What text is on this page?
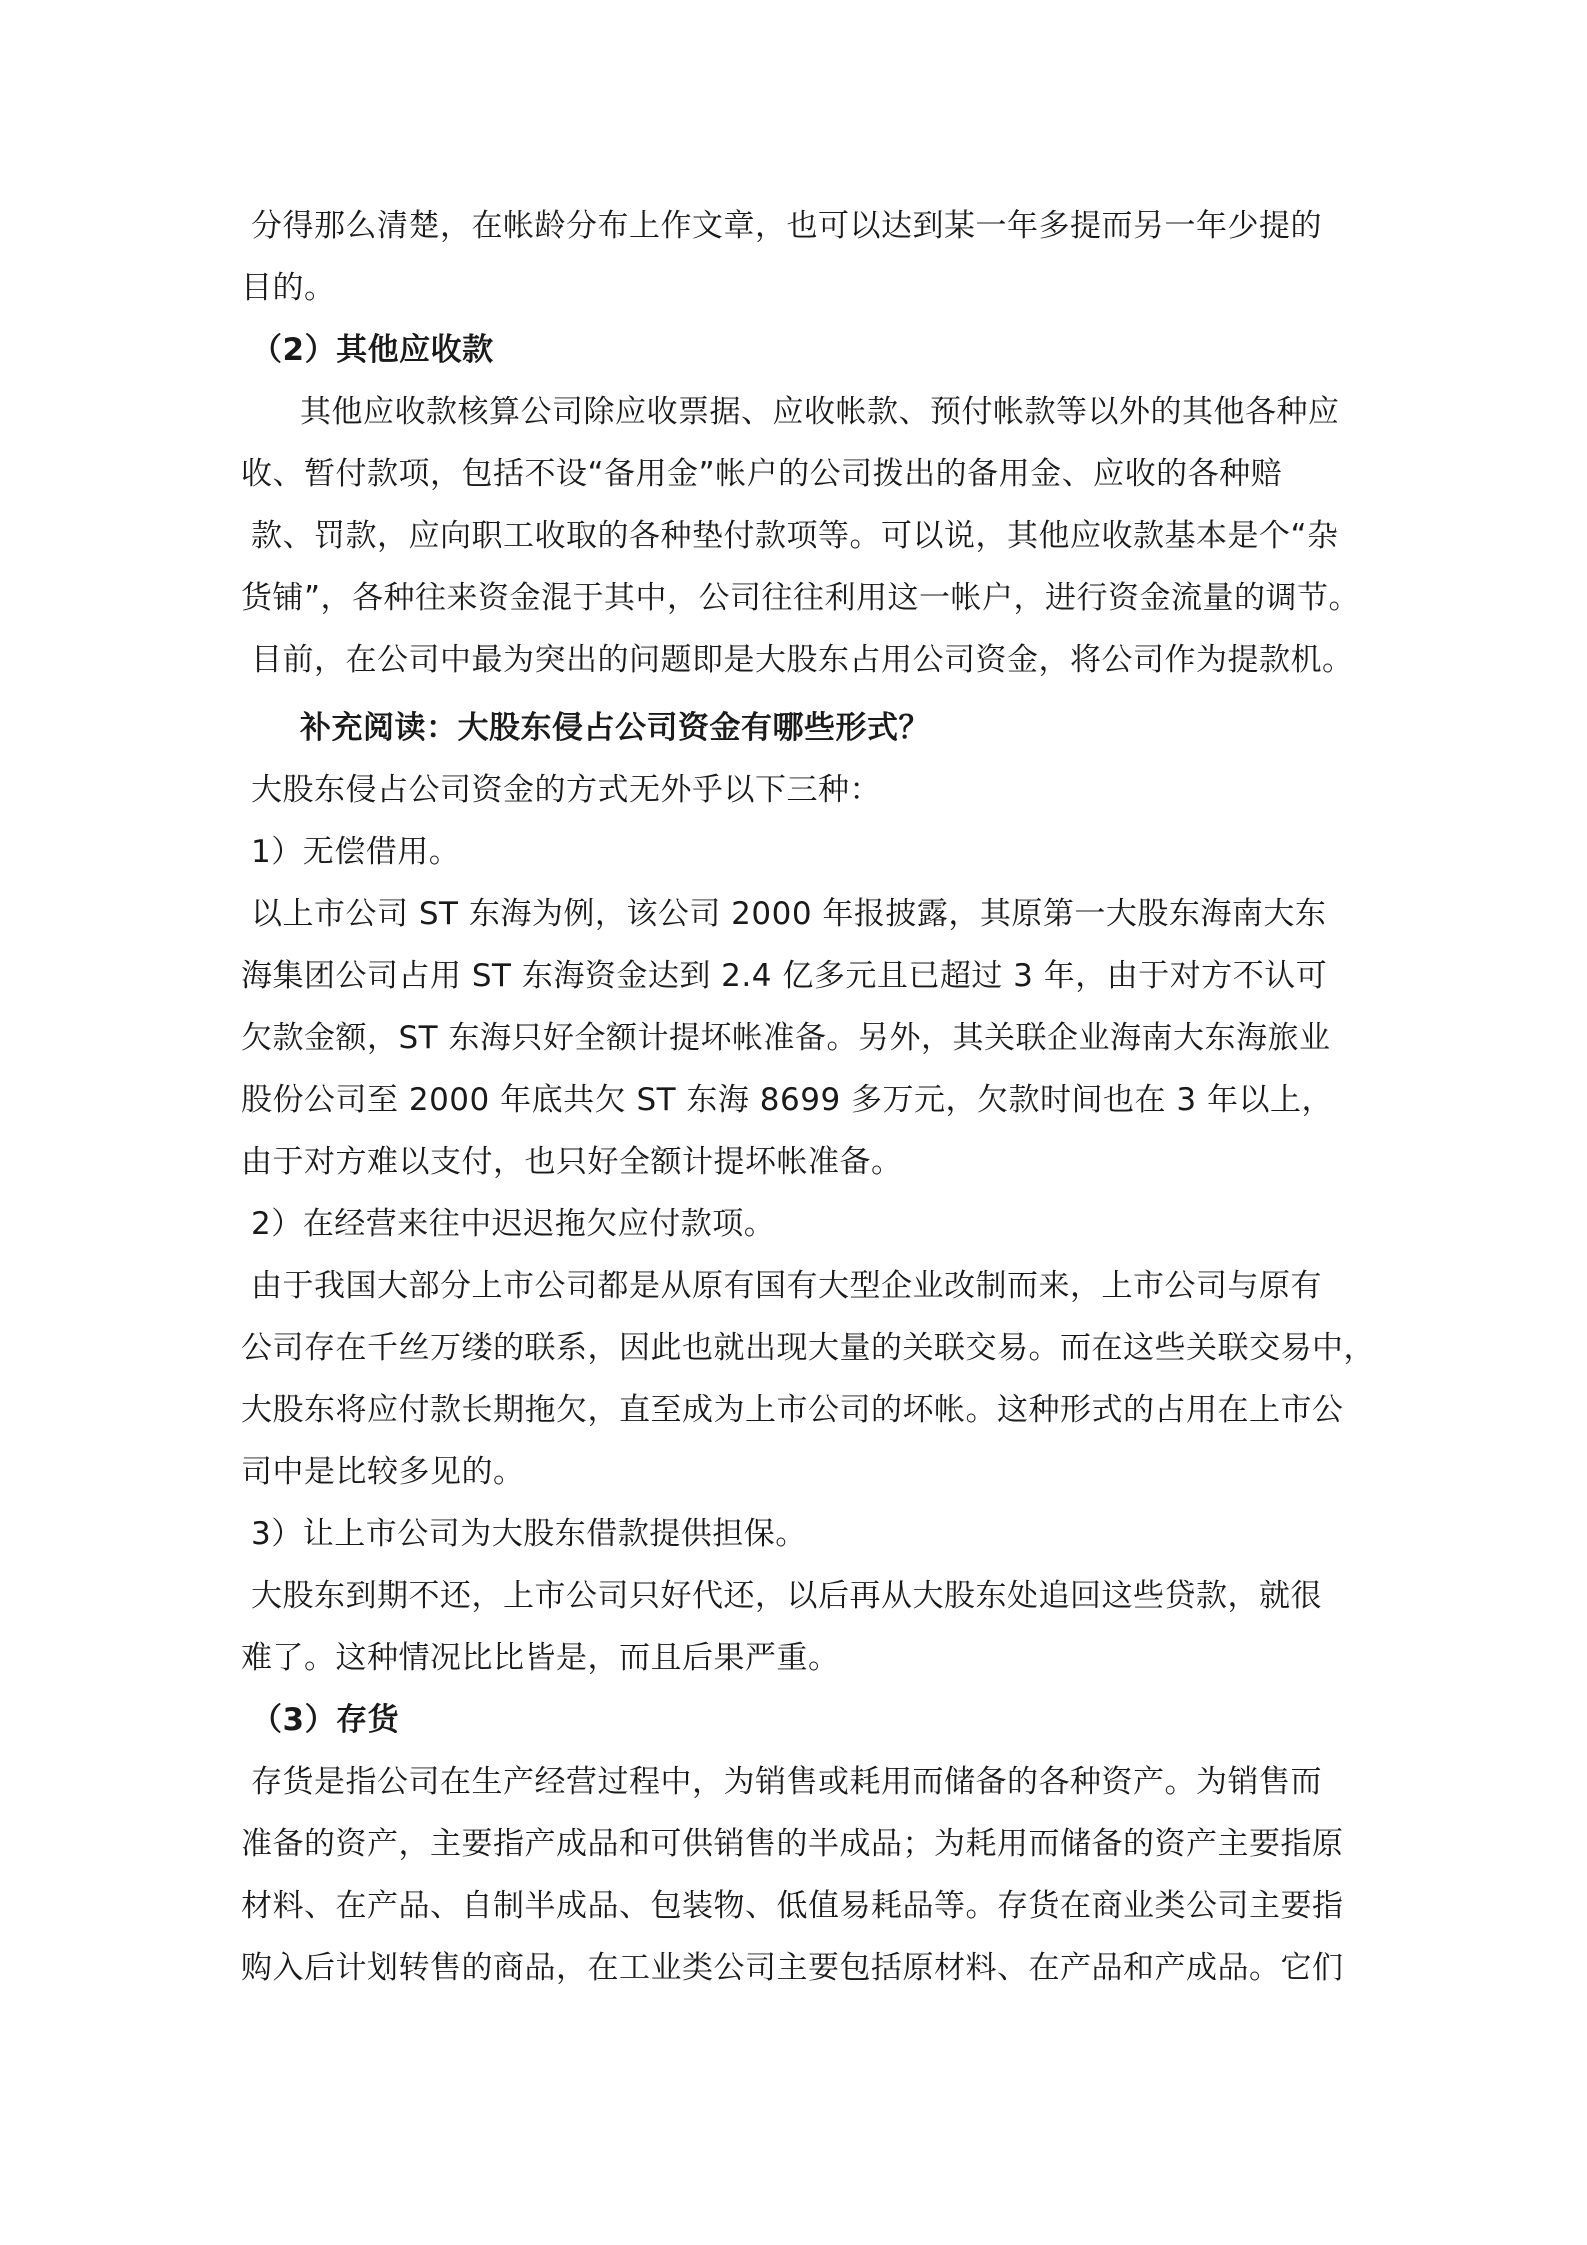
分得那么清楚，在帐龄分布上作文章，也可以达到某一年多提而另一年少提的
目的。
（2）其他应收款
其他应收款核算公司除应收票据、应收帐款、预付帐款等以外的其他各种应
收、暂付款项，包括不设“备用金”帐户的公司拨出的备用金、应收的各种赔
款、罚款，应向职工收取的各种垫付款项等。可以说，其他应收款基本是个“杂
货铺”，各种往来资金混于其中，公司往往利用这一帐户，进行资金流量的调节。
目前，在公司中最为突出的问题即是大股东占用公司资金，将公司作为提款机。
补充阅读：大股东侵占公司资金有哪些形式？
大股东侵占公司资金的方式无外乎以下三种：
1）无偿借用。
以上市公司 ST 东海为例，该公司 2000 年报披露，其原第一大股东海南大东
海集团公司占用 ST 东海资金达到 2.4 亿多元且已超过 3 年，由于对方不认可
欠款金额，ST 东海只好全额计提坏帐准备。另外，其关联企业海南大东海旅业
股份公司至 2000 年底共欠 ST 东海 8699 多万元，欠款时间也在 3 年以上，
由于对方难以支付，也只好全额计提坏帐准备。
2）在经营来往中迟迟拖欠应付款项。
由于我国大部分上市公司都是从原有国有大型企业改制而来，上市公司与原有
公司存在千丝万缕的联系，因此也就出现大量的关联交易。而在这些关联交易中，
大股东将应付款长期拖欠，直至成为上市公司的坏帐。这种形式的占用在上市公
司中是比较多见的。
3）让上市公司为大股东借款提供担保。
大股东到期不还，上市公司只好代还，以后再从大股东处追回这些贷款，就很
难了。这种情况比比皆是，而且后果严重。
（3）存货
存货是指公司在生产经营过程中，为销售或耗用而储备的各种资产。为销售而
准备的资产，主要指产成品和可供销售的半成品；为耗用而储备的资产主要指原
材料、在产品、自制半成品、包装物、低值易耗品等。存货在商业类公司主要指
购入后计划转售的商品，在工业类公司主要包括原材料、在产品和产成品。它们
